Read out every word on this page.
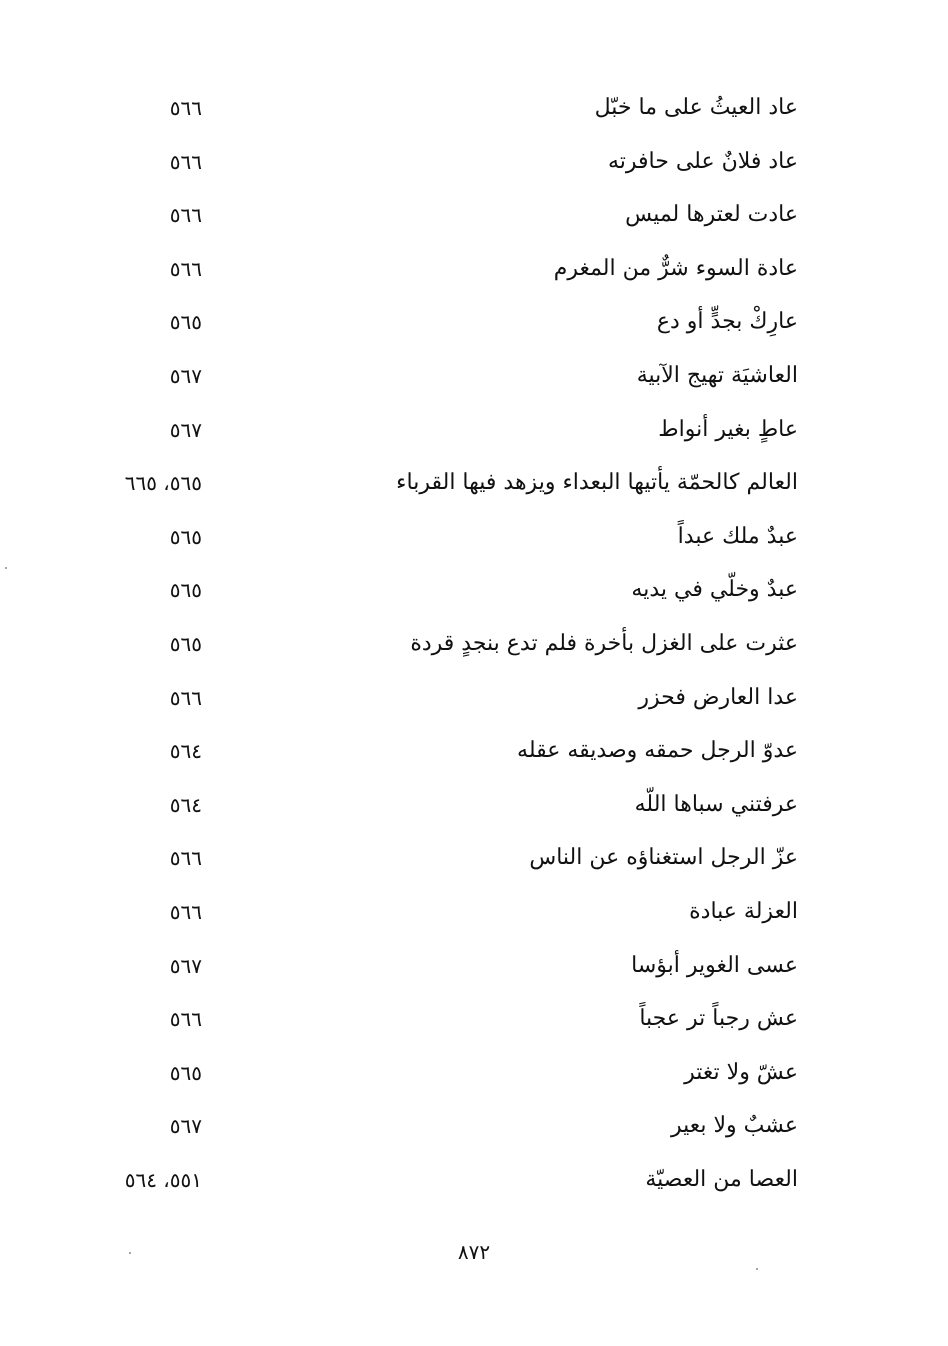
عاد العيثُ على ما خبّل
٥٦٦
عاد فلانٌ على حافرته
٥٦٦
عادت لعترها لميس
٥٦٦
عادة السوء شرٌّ من المغرم
٥٦٦
عارِكْ بجدٍّ أو دع
٥٦٥
العاشيَة تهيج الآبية
٥٦٧
عاطٍ بغير أنواط
٥٦٧
العالم كالحمّة يأتيها البعداء ويزهد فيها القرباء
٥٦٥، ٦٦٥
عبدٌ ملك عبداً
٥٦٥
عبدٌ وخلّي في يديه
٥٦٥
عثرت على الغزل بأخرة فلم تدع بنجدٍ قردة
٥٦٥
عدا العارض فحزر
٥٦٦
عدوّ الرجل حمقه وصديقه عقله
٥٦٤
عرفتني سباها اللّه
٥٦٤
عزّ الرجل استغناؤه عن الناس
٥٦٦
العزلة عبادة
٥٦٦
عسى الغوير أبؤسا
٥٦٧
عش رجباً تر عجباً
٥٦٦
عشّ ولا تغتر
٥٦٥
عشبٌ ولا بعير
٥٦٧
العصا من العصيّة
٥٥١، ٥٦٤
٨٧٢
